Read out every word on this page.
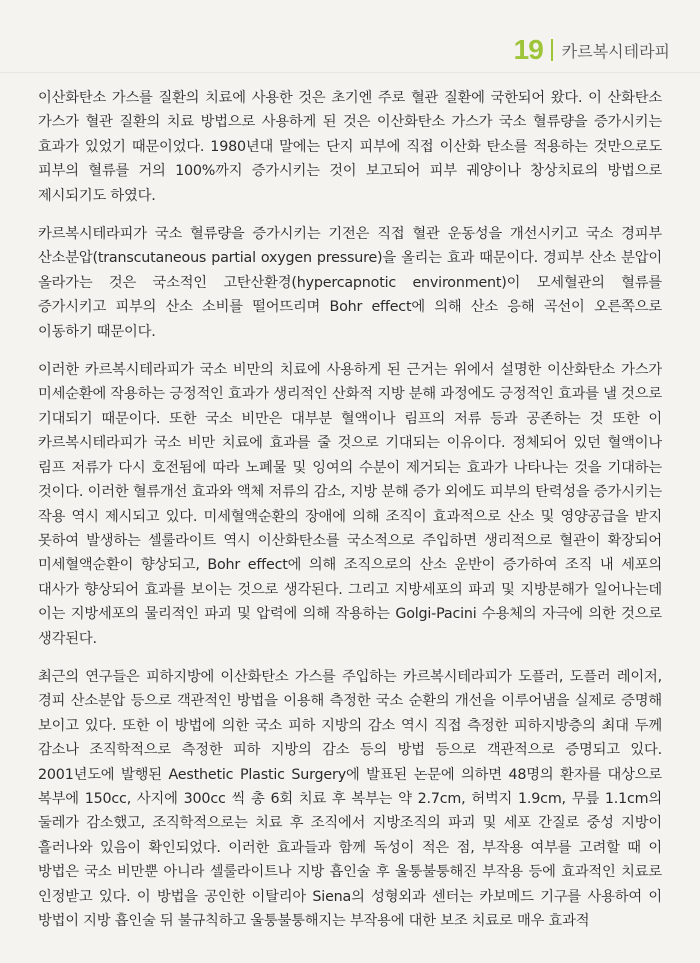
19 카르복시테라피

이산화탄소 가스를 질환의 치료에 사용한 것은 초기엔 주로 혈관 질환에 국한되어 왔다. 이 산화탄소 가스가 혈관 질환의 치료 방법으로 사용하게 된 것은 이산화탄소 가스가 국소 혈류량을 증가시키는 효과가 있었기 때문이었다. 1980년대 말에는 단지 피부에 직접 이산화 탄소를 적용하는 것만으로도 피부의 혈류를 거의 100%까지 증가시키는 것이 보고되어 피부 궤양이나 창상치료의 방법으로 제시되기도 하였다.

카르복시테라피가 국소 혈류량을 증가시키는 기전은 직접 혈관 운동성을 개선시키고 국소 경피부 산소분압(transcutaneous partial oxygen pressure)을 올리는 효과 때문이다. 경피부 산소 분압이 올라가는 것은 국소적인 고탄산환경(hypercapnotic environment)이 모세혈관의 혈류를 증가시키고 피부의 산소 소비를 떨어뜨리며 Bohr effect에 의해 산소 응해 곡선이 오른쪽으로 이동하기 때문이다.

이러한 카르복시테라피가 국소 비만의 치료에 사용하게 된 근거는 위에서 설명한 이산화탄소 가스가 미세순환에 작용하는 긍정적인 효과가 생리적인 산화적 지방 분해 과정에도 긍정적인 효과를 낼 것으로 기대되기 때문이다. 또한 국소 비만은 대부분 혈액이나 림프의 저류 등과 공존하는 것 또한 이 카르복시테라피가 국소 비만 치료에 효과를 줄 것으로 기대되는 이유이다. 정체되어 있던 혈액이나 림프 저류가 다시 호전됨에 따라 노폐물 및 잉여의 수분이 제거되는 효과가 나타나는 것을 기대하는 것이다. 이러한 혈류개선 효과와 액체 저류의 감소, 지방 분해 증가 외에도 피부의 탄력성을 증가시키는 작용 역시 제시되고 있다. 미세혈액순환의 장애에 의해 조직이 효과적으로 산소 및 영양공급을 받지 못하여 발생하는 셀룰라이트 역시 이산화탄소를 국소적으로 주입하면 생리적으로 혈관이 확장되어 미세혈액순환이 향상되고, Bohr effect에 의해 조직으로의 산소 운반이 증가하여 조직 내 세포의 대사가 향상되어 효과를 보이는 것으로 생각된다. 그리고 지방세포의 파괴 및 지방분해가 일어나는데 이는 지방세포의 물리적인 파괴 및 압력에 의해 작용하는 Golgi-Pacini 수용체의 자극에 의한 것으로 생각된다.

최근의 연구들은 피하지방에 이산화탄소 가스를 주입하는 카르복시테라피가 도플러, 도플러 레이저, 경피 산소분압 등으로 객관적인 방법을 이용해 측정한 국소 순환의 개선을 이루어냄을 실제로 증명해 보이고 있다. 또한 이 방법에 의한 국소 피하 지방의 감소 역시 직접 측정한 피하지방층의 최대 두께 감소나 조직학적으로 측정한 피하 지방의 감소 등의 방법 등으로 객관적으로 증명되고 있다. 2001년도에 발행된 Aesthetic Plastic Surgery에 발표된 논문에 의하면 48명의 환자를 대상으로 복부에 150cc, 사지에 300cc 씩 총 6회 치료 후 복부는 약 2.7cm, 허벅지 1.9cm, 무릎 1.1cm의 둘레가 감소했고, 조직학적으로는 치료 후 조직에서 지방조직의 파괴 및 세포 간질로 중성 지방이 흘러나와 있음이 확인되었다. 이러한 효과들과 함께 독성이 적은 점, 부작용 여부를 고려할 때 이 방법은 국소 비만뿐 아니라 셀룰라이트나 지방 흡인술 후 울퉁불퉁해진 부작용 등에 효과적인 치료로 인정받고 있다. 이 방법을 공인한 이탈리아 Siena의 성형외과 센터는 카보메드 기구를 사용하여 이 방법이 지방 흡인술 뒤 불규칙하고 울퉁불퉁해지는 부작용에 대한 보조 치료로 매우 효과적
